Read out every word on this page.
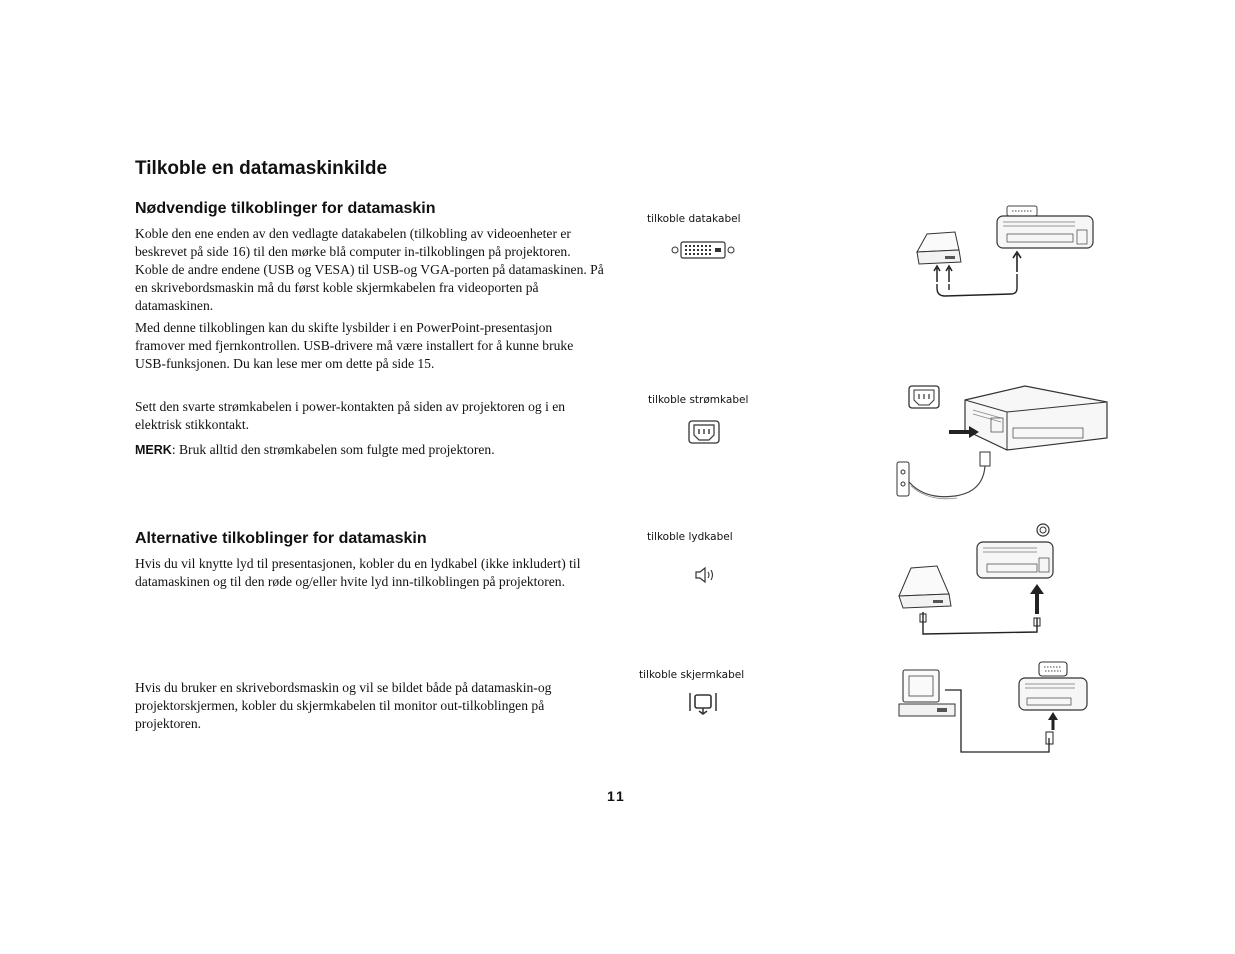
Tilkoble en datamaskinkilde
Nødvendige tilkoblinger for datamaskin

Koble den ene enden av den vedlagte datakabelen (tilkobling av videoenheter er beskrevet på side 16) til den mørke blå computer in-tilkoblingen på projektoren. Koble de andre endene (USB og VESA) til USB-og VGA-porten på datamaskinen. På en skrivebordsmaskin må du først koble skjermkabelen fra videoporten på datamaskinen.

Med denne tilkoblingen kan du skifte lysbilder i en PowerPoint-presentasjon framover med fjernkontrollen. USB-drivere må være installert for å kunne bruke USB-funksjonen. Du kan lese mer om dette på side 15.

Sett den svarte strømkabelen i power-kontakten på siden av projektoren og i en elektrisk stikkontakt.

MERK: Bruk alltid den strømkabelen som fulgte med projektoren.

Alternative tilkoblinger for datamaskin

Hvis du vil knytte lyd til presentasjonen, kobler du en lydkabel (ikke inkludert) til datamaskinen og til den røde og/eller hvite lyd inn-tilkoblingen på projektoren.

Hvis du bruker en skrivebordsmaskin og vil se bildet både på datamaskin-og projektorskjermen, kobler du skjermkabelen til monitor out-tilkoblingen på projektoren.

tilkoble datakabel
tilkoble strømkabel
tilkoble lydkabel
tilkoble skjermkabel
11
